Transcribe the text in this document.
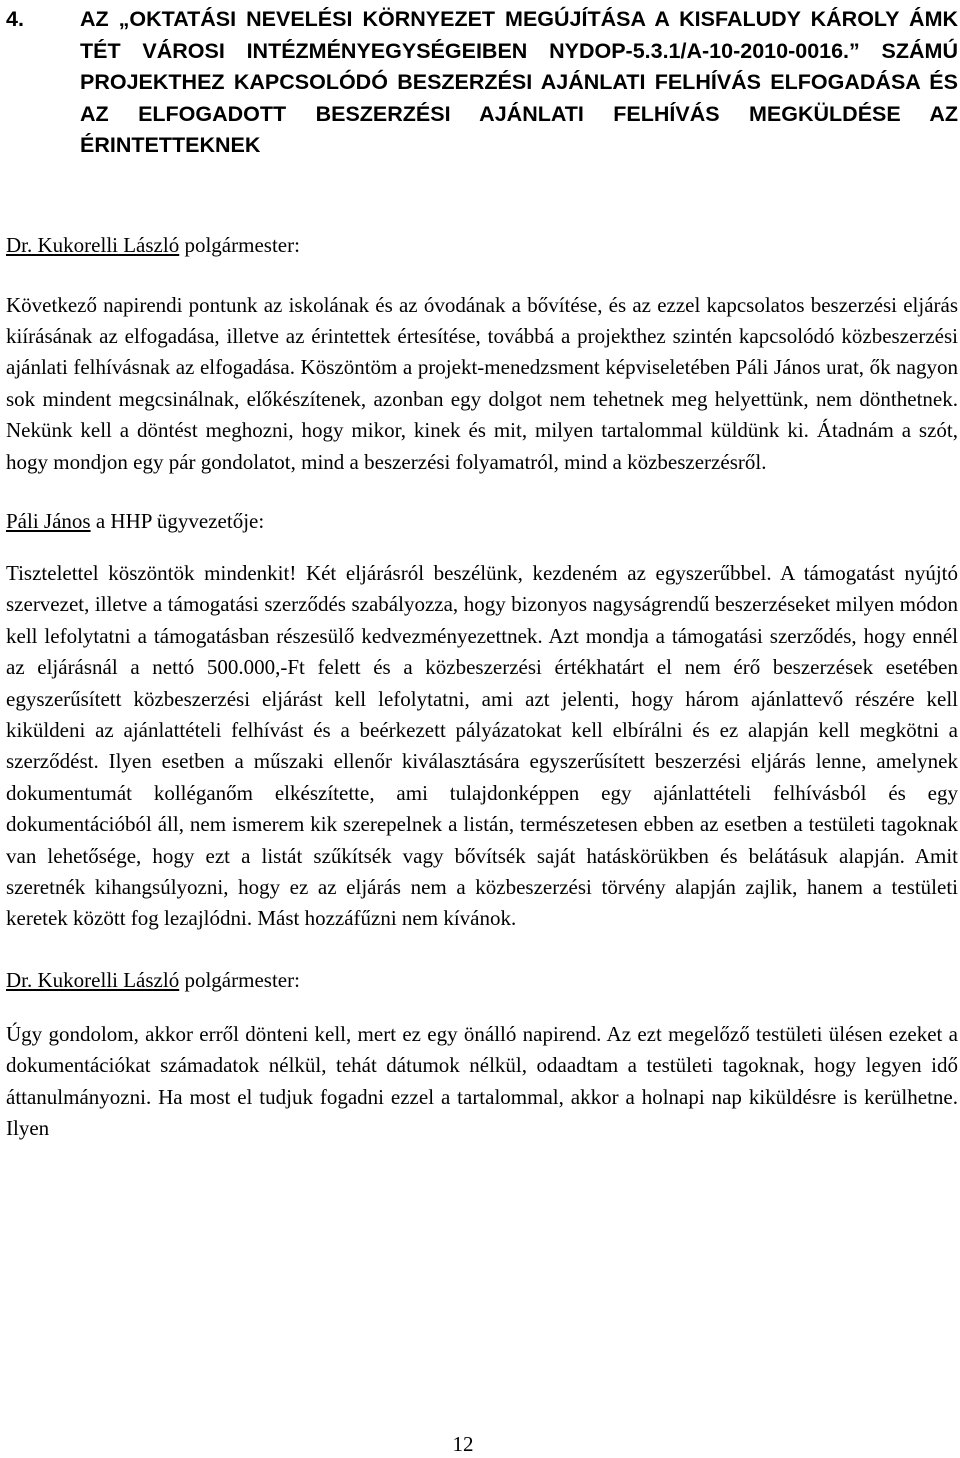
4.	AZ „OKTATÁSI NEVELÉSI KÖRNYEZET MEGÚJÍTÁSA A KISFALUDY KÁROLY ÁMK TÉT VÁROSI INTÉZMÉNYEGYSÉGEIBEN NYDOP-5.3.1/A-10-2010-0016.” SZÁMÚ PROJEKTHEZ KAPCSOLÓDÓ BESZERZÉSI AJÁNLATI FELHÍVÁS ELFOGADÁSA ÉS AZ ELFOGADOTT BESZERZÉSI AJÁNLATI FELHÍVÁS MEGKÜLDÉSE AZ ÉRINTETTEKNEK

Dr. Kukorelli László polgármester:

Következő napirendi pontunk az iskolának és az óvodának a bővítése, és az ezzel kapcsolatos beszerzési eljárás kiírásának az elfogadása, illetve az érintettek értesítése, továbbá a projekthez szintén kapcsolódó közbeszerzési ajánlati felhívásnak az elfogadása. Köszöntöm a projekt-menedzsment képviseletében Páli János urat, ők nagyon sok mindent megcsinálnak, előkészítenek, azonban egy dolgot nem tehetnek meg helyettünk, nem dönthetnek. Nekünk kell a döntést meghozni, hogy mikor, kinek és mit, milyen tartalommal küldünk ki. Átadnám a szót, hogy mondjon egy pár gondolatot, mind a beszerzési folyamatról, mind a közbeszerzésről.

Páli János a HHP ügyvezetője:

Tisztelettel köszöntök mindenkit! Két eljárásról beszélünk, kezdeném az egyszerűbbel. A támogatást nyújtó szervezet, illetve a támogatási szerződés szabályozza, hogy bizonyos nagyságrendű beszerzéseket milyen módon kell lefolytatni a támogatásban részesülő kedvezményezettnek. Azt mondja a támogatási szerződés, hogy ennél az eljárásnál a nettó 500.000,-Ft felett és a közbeszerzési értékhatárt el nem érő beszerzések esetében egyszerűsített közbeszerzési eljárást kell lefolytatni, ami azt jelenti, hogy három ajánlattevő részére kell kiküldeni az ajánlattételi felhívást és a beérkezett pályázatokat kell elbírálni és ez alapján kell megkötni a szerződést. Ilyen esetben a műszaki ellenőr kiválasztására egyszerűsített beszerzési eljárás lenne, amelynek dokumentumát kolléganőm elkészítette, ami tulajdonképpen egy ajánlattételi felhívásból és egy dokumentációból áll, nem ismerem kik szerepelnek a listán, természetesen ebben az esetben a testületi tagoknak van lehetősége, hogy ezt a listát szűkítsék vagy bővítsék saját hatáskörükben és belátásuk alapján. Amit szeretnék kihangsúlyozni, hogy ez az eljárás nem a közbeszerzési törvény alapján zajlik, hanem a testületi keretek között fog lezajlódni. Mást hozzáfűzni nem kívánok.

Dr. Kukorelli László polgármester:

Úgy gondolom, akkor erről dönteni kell, mert ez egy önálló napirend. Az ezt megelőző testületi ülésen ezeket a dokumentációkat számadatok nélkül, tehát dátumok nélkül, odaadtam a testületi tagoknak, hogy legyen idő áttanulmányozni. Ha most el tudjuk fogadni ezzel a tartalommal, akkor a holnapi nap kiküldésre is kerülhetne. Ilyen

12
